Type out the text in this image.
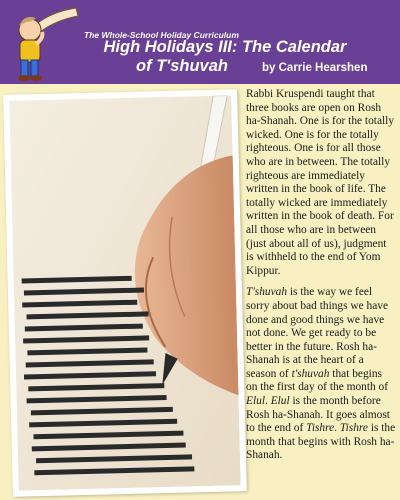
The Whole-School Holiday Curriculum
High Holidays III: The Calendar
of T'shuvah	by Carrie Hearshen

Rabbi Kruspendi taught that three books are open on Rosh ha-Shanah. One is for the totally wicked. One is for the totally righteous. One is for all those who are in between. The totally righteous are immediately written in the book of life. The totally wicked are immediately written in the book of death. For all those who are in between (just about all of us), judgment is withheld to the end of Yom Kippur.

T'shuvah is the way we feel sorry about bad things we have done and good things we have not done. We get ready to be better in the future. Rosh ha-Shanah is at the heart of a season of t'shuvah that begins on the first day of the month of Elul. Elul is the month before Rosh ha-Shanah. It goes almost to the end of Tishre. Tishre is the month that begins with Rosh ha-Shanah.
